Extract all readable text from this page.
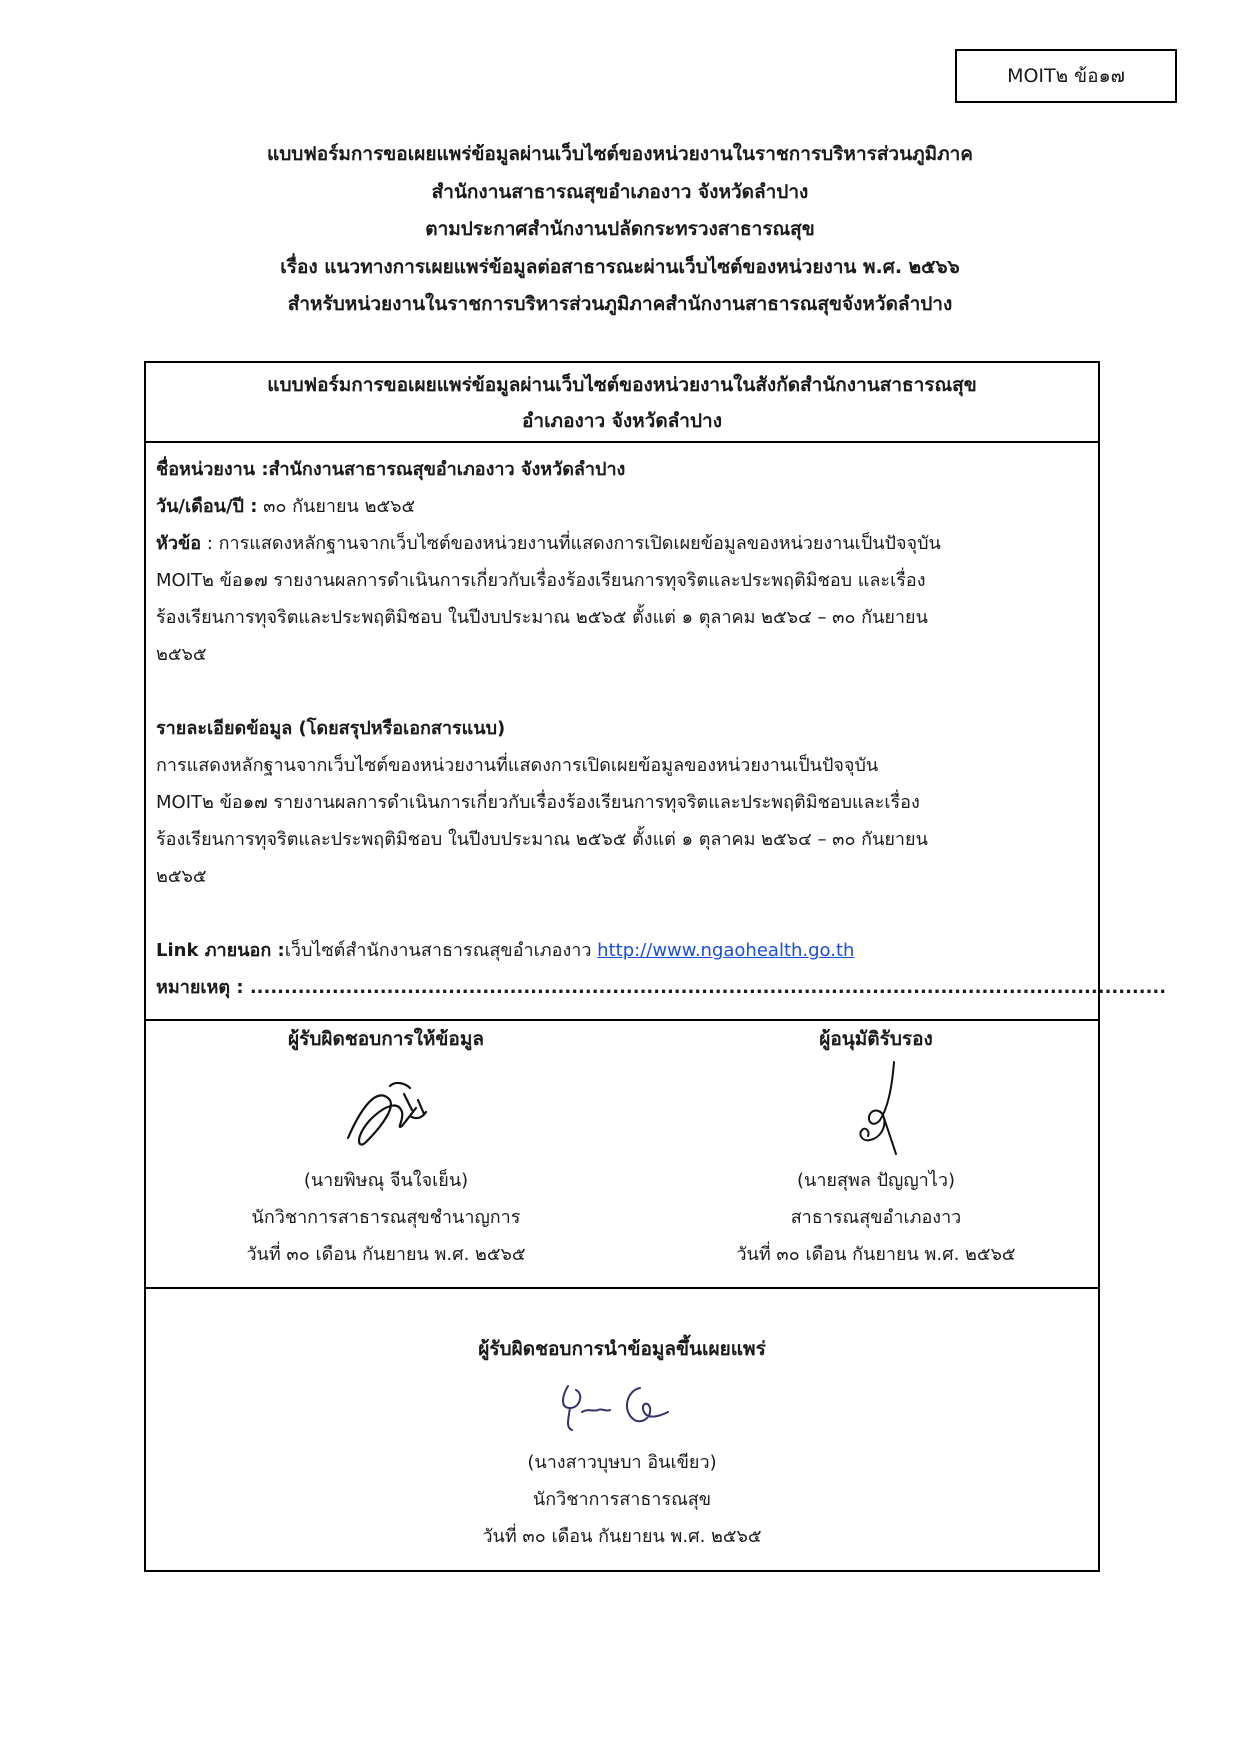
MOIT๒ ข้อ๑๗
แบบฟอร์มการขอเผยแพร่ข้อมูลผ่านเว็บไซต์ของหน่วยงานในราชการบริหารส่วนภูมิภาค
สำนักงานสาธารณสุขอำเภองาว จังหวัดลำปาง
ตามประกาศสำนักงานปลัดกระทรวงสาธารณสุข
เรื่อง แนวทางการเผยแพร่ข้อมูลต่อสาธารณะผ่านเว็บไซต์ของหน่วยงาน พ.ศ. ๒๕๖๖
สำหรับหน่วยงานในราชการบริหารส่วนภูมิภาคสำนักงานสาธารณสุขจังหวัดลำปาง
แบบฟอร์มการขอเผยแพร่ข้อมูลผ่านเว็บไซต์ของหน่วยงานในสังกัดสำนักงานสาธารณสุข
อำเภองาว จังหวัดลำปาง

ชื่อหน่วยงาน :สำนักงานสาธารณสุขอำเภองาว จังหวัดลำปาง

วัน/เดือน/ปี : ๓๐ กันยายน ๒๕๖๕

หัวข้อ : การแสดงหลักฐานจากเว็บไซต์ของหน่วยงานที่แสดงการเปิดเผยข้อมูลของหน่วยงานเป็นปัจจุบัน

MOIT๒ ข้อ๑๗ รายงานผลการดำเนินการเกี่ยวกับเรื่องร้องเรียนการทุจริตและประพฤติมิชอบ และเรื่อง

ร้องเรียนการทุจริตและประพฤติมิชอบ ในปีงบประมาณ ๒๕๖๕ ตั้งแต่ ๑ ตุลาคม ๒๕๖๔ – ๓๐ กันยายน

๒๕๖๕

รายละเอียดข้อมูล (โดยสรุปหรือเอกสารแนบ)

การแสดงหลักฐานจากเว็บไซต์ของหน่วยงานที่แสดงการเปิดเผยข้อมูลของหน่วยงานเป็นปัจจุบัน

MOIT๒ ข้อ๑๗ รายงานผลการดำเนินการเกี่ยวกับเรื่องร้องเรียนการทุจริตและประพฤติมิชอบและเรื่อง

ร้องเรียนการทุจริตและประพฤติมิชอบ ในปีงบประมาณ ๒๕๖๕ ตั้งแต่ ๑ ตุลาคม ๒๕๖๔ – ๓๐ กันยายน

๒๕๖๕

Link ภายนอก :เว็บไซต์สำนักงานสาธารณสุขอำเภองาว http://www.ngaohealth.go.th

หมายเหตุ : ......................................................................................................................................

ผู้รับผิดชอบการให้ข้อมูล
(นายพิษณุ จีนใจเย็น)
นักวิชาการสาธารณสุขชำนาญการ
วันที่ ๓๐ เดือน กันยายน พ.ศ. ๒๕๖๕
ผู้อนุมัติรับรอง
(นายสุพล ปัญญาไว)
สาธารณสุขอำเภองาว
วันที่ ๓๐ เดือน กันยายน พ.ศ. ๒๕๖๕
ผู้รับผิดชอบการนำข้อมูลขึ้นเผยแพร่
(นางสาวบุษบา อินเขียว)
นักวิชาการสาธารณสุข
วันที่ ๓๐ เดือน กันยายน พ.ศ. ๒๕๖๕
